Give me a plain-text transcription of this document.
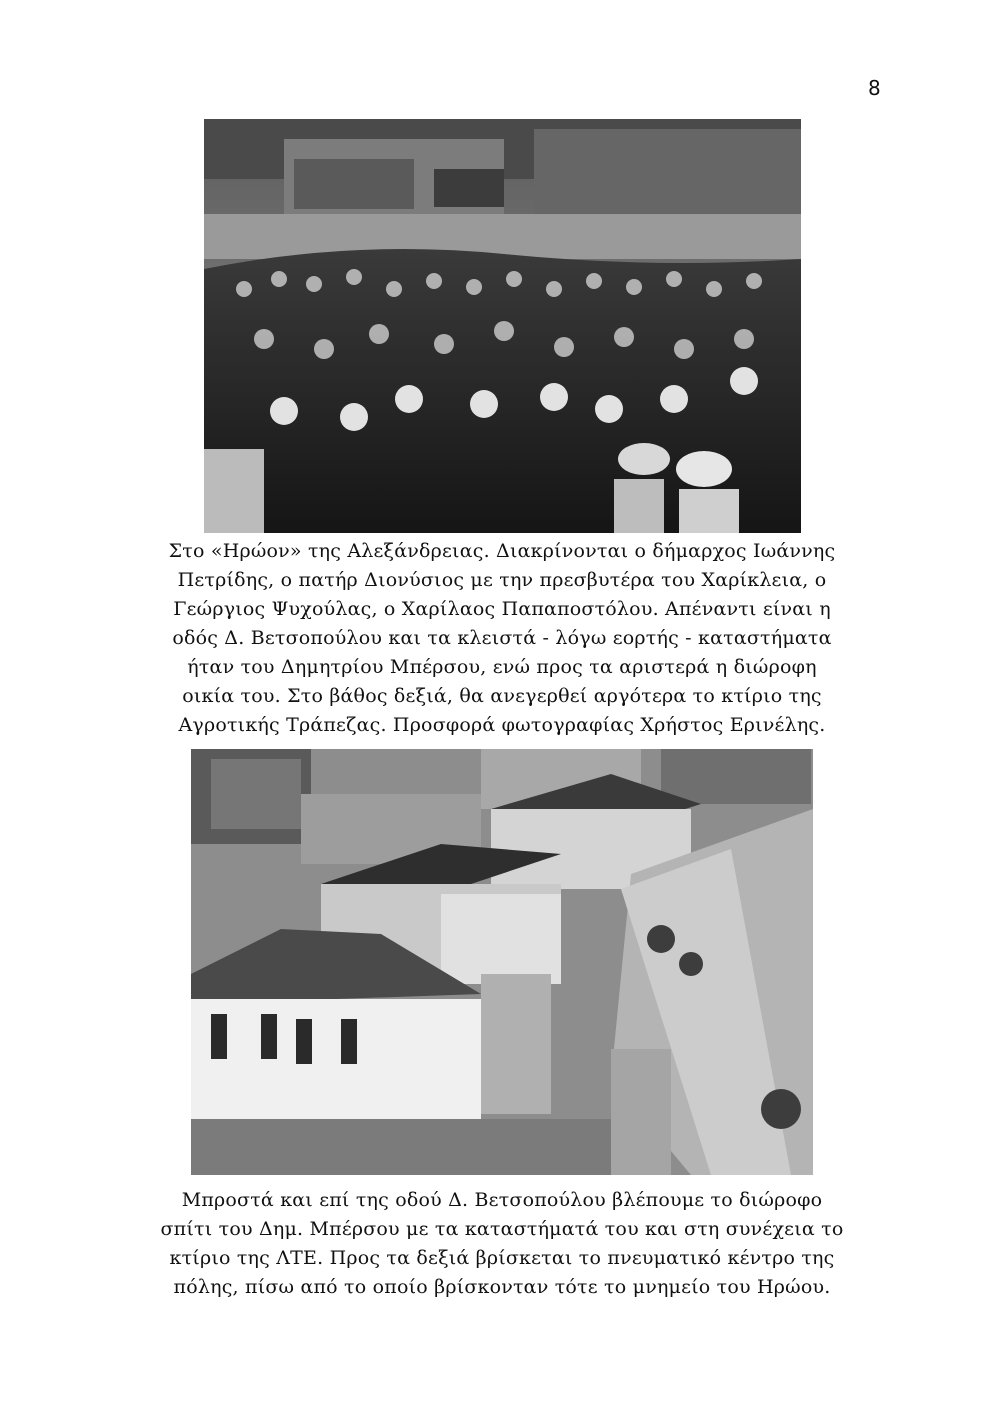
8
Στο «Ηρώον» της Αλεξάνδρειας. Διακρίνονται ο δήμαρχος Ιωάννης
Πετρίδης, ο πατήρ Διονύσιος με την πρεσβυτέρα του Χαρίκλεια, ο
Γεώργιος Ψυχούλας, ο Χαρίλαος Παπαποστόλου. Απέναντι είναι η
οδός Δ. Βετσοπούλου και τα κλειστά - λόγω εορτής - καταστήματα
ήταν του Δημητρίου Μπέρσου, ενώ προς τα αριστερά η διώροφη
οικία του. Στο βάθος δεξιά, θα ανεγερθεί αργότερα το κτίριο της
Αγροτικής Τράπεζας. Προσφορά φωτογραφίας Χρήστος Ερινέλης.
Μπροστά και επί της οδού Δ. Βετσοπούλου βλέπουμε το διώροφο
σπίτι του Δημ. Μπέρσου με τα καταστήματά του και στη συνέχεια το
κτίριο της ΛΤΕ. Προς τα δεξιά βρίσκεται το πνευματικό κέντρο της
πόλης, πίσω από το οποίο βρίσκονταν τότε το μνημείο του Ηρώου.
